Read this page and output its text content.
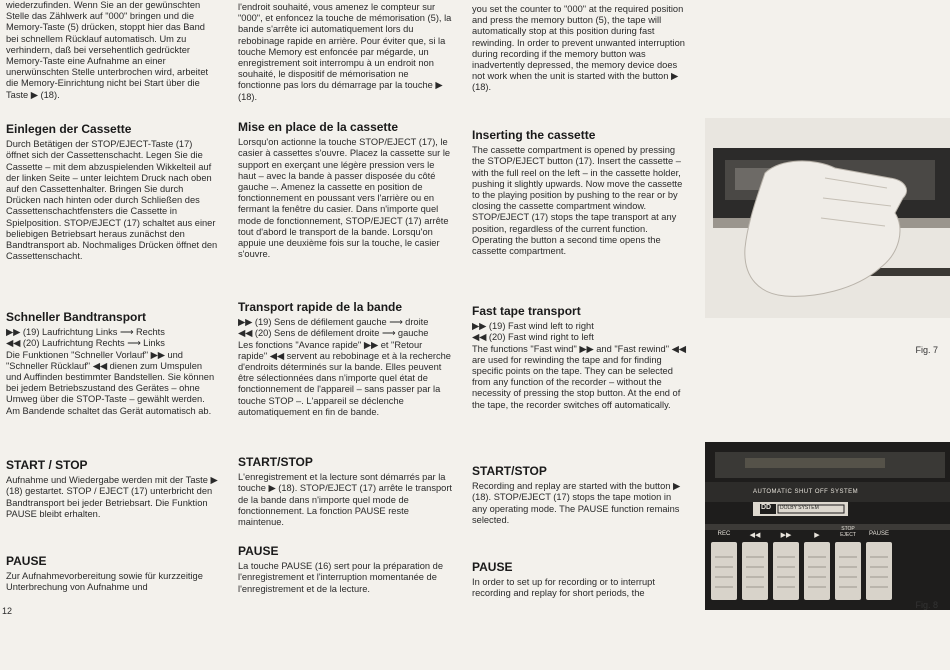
wiederzufinden. Wenn Sie an der gewünschten Stelle das Zählwerk auf "000" bringen und die Memory-Taste (5) drücken, stoppt hier das Band bei schnellem Rücklauf automatisch. Um zu verhindern, daß bei versehentlich gedrückter Memory-Taste eine Aufnahme an einer unerwünschten Stelle unterbrochen wird, arbeitet die Memory-Einrichtung nicht bei Start über die Taste ▶ (18).

Einlegen der Cassette

Durch Betätigen der STOP/EJECT-Taste (17) öffnet sich der Cassettenschacht. Legen Sie die Cassette – mit dem abzuspielenden Wikkelteil auf der linken Seite – unter leichtem Druck nach oben auf den Cassettenhalter. Bringen Sie durch Drücken nach hinten oder durch Schließen des Cassettenschachtfensters die Cassette in Spielposition. STOP/EJECT (17) schaltet aus einer beliebigen Betriebsart heraus zunächst den Bandtransport ab. Nochmaliges Drücken öffnet den Cassettenschacht.

Schneller Bandtransport

▶▶ (19) Laufrichtung Links ⟶ Rechts

◀◀ (20) Laufrichtung Rechts ⟶ Links

Die Funktionen "Schneller Vorlauf" ▶▶ und "Schneller Rücklauf" ◀◀ dienen zum Umspulen und Auffinden bestimmter Bandstellen. Sie können bei jedem Betriebszustand des Gerätes – ohne Umweg über die STOP-Taste – gewählt werden. Am Bandende schaltet das Gerät automatisch ab.

START / STOP

Aufnahme und Wiedergabe werden mit der Taste ▶ (18) gestartet. STOP / EJECT (17) unterbricht den Bandtransport bei jeder Betriebsart. Die Funktion PAUSE bleibt erhalten.

PAUSE

Zur Aufnahmevorbereitung sowie für kurzzeitige Unterbrechung von Aufnahme und

12

l'endroit souhaité, vous amenez le compteur sur "000", et enfoncez la touche de mémorisation (5), la bande s'arrête ici automatiquement lors du rebobinage rapide en arrière. Pour éviter que, si la touche Memory est enfoncée par mégarde, un enregistrement soit interrompu à un endroit non souhaité, le dispositif de mémorisation ne fonctionne pas lors du démarrage par la touche ▶ (18).

Mise en place de la cassette

Lorsqu'on actionne la touche STOP/EJECT (17), le casier à cassettes s'ouvre. Placez la cassette sur le support en exerçant une légère pression vers le haut – avec la bande à passer disposée du côté gauche –. Amenez la cassette en position de fonctionnement en poussant vers l'arrière ou en fermant la fenêtre du casier. Dans n'importe quel mode de fonctionnement, STOP/EJECT (17) arrête tout d'abord le transport de la bande. Lorsqu'on appuie une deuxième fois sur la touche, le casier s'ouvre.

Transport rapide de la bande

▶▶ (19) Sens de défilement gauche ⟶ droite

◀◀ (20) Sens de défilement droite ⟶ gauche

Les fonctions "Avance rapide" ▶▶ et "Retour rapide" ◀◀ servent au rebobinage et à la recherche d'endroits déterminés sur la bande. Elles peuvent être sélectionnées dans n'importe quel état de fonctionnement de l'appareil – sans passer par la touche STOP –. L'appareil se déclenche automatiquement en fin de bande.

START/STOP

L'enregistrement et la lecture sont démarrés par la touche ▶ (18). STOP/EJECT (17) arrête le transport de la bande dans n'importe quel mode de fonctionnement. La fonction PAUSE reste maintenue.

PAUSE

La touche PAUSE (16) sert pour la préparation de l'enregistrement et l'interruption momentanée de l'enregistrement et de la lecture.

you set the counter to "000" at the required position and press the memory button (5), the tape will automatically stop at this position during fast rewinding. In order to prevent unwanted interruption during recording if the memory button was inadvertently depressed, the memory device does not work when the unit is started with the button ▶ (18).

Inserting the cassette

The cassette compartment is opened by pressing the STOP/EJECT button (17). Insert the cassette – with the full reel on the left – in the cassette holder, pushing it slightly upwards. Now move the cassette to the playing position by pushing to the rear or by closing the cassette compartment window. STOP/EJECT (17) stops the tape transport at any position, regardless of the current function. Operating the button a second time opens the cassette compartment.

Fast tape transport

▶▶ (19) Fast wind left to right

◀◀ (20) Fast wind right to left

The functions "Fast wind" ▶▶ and "Fast rewind" ◀◀ are used for rewinding the tape and for finding specific points on the tape. They can be selected from any function of the recorder – without the necessity of pressing the stop button. At the end of the tape, the recorder switches off automatically.

START/STOP

Recording and replay are started with the button ▶ (18). STOP/EJECT (17) stops the tape motion in any operating mode. The PAUSE function remains selected.

PAUSE

In order to set up for recording or to interrupt recording and replay for short periods, the

Fig. 7
AUTOMATIC SHUT OFF SYSTEM
DD DOLBY SYSTEM
REC	◀◀	▶▶	▶
STOP EJECT	PAUSE
Fig. 8
